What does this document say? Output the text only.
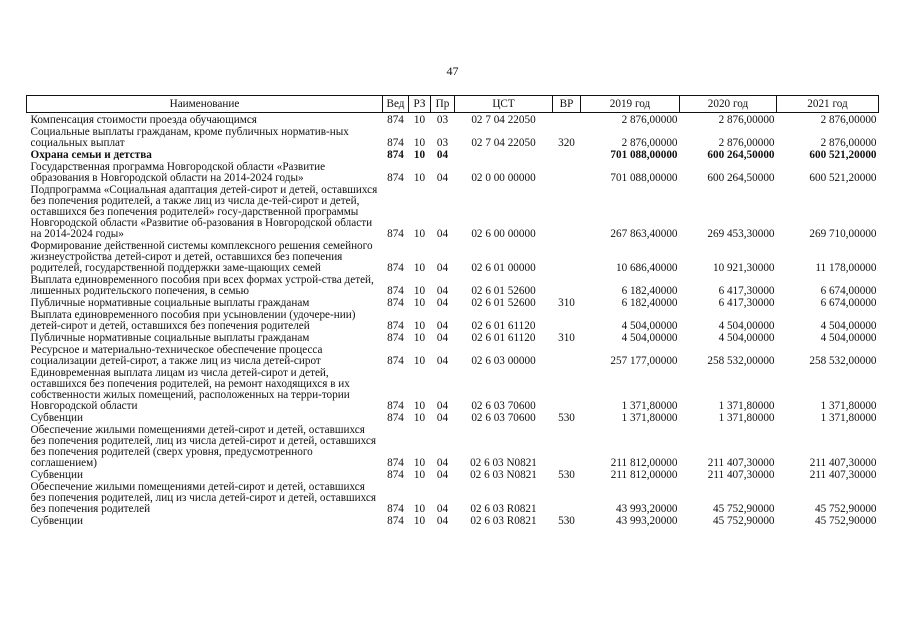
47
Наименование	Вед	РЗ	Пр	ЦСТ	ВР	2019 год	2020 год	2021 год
Компенсация стоимости проезда обучающимся	874	10	03	02 7 04 22050		2 876,00000	2 876,00000	2 876,00000
Социальные выплаты гражданам, кроме публичных норматив-ных социальных выплат	874	10	03	02 7 04 22050	320	2 876,00000	2 876,00000	2 876,00000
Охрана семьи и детства	874	10	04			701 088,00000	600 264,50000	600 521,20000
Государственная программа Новгородской области «Развитие образования в Новгородской области на 2014-2024 годы»	874	10	04	02 0 00 00000		701 088,00000	600 264,50000	600 521,20000
Подпрограмма «Социальная адаптация детей-сирот и детей, оставшихся без попечения родителей, а также лиц из числа де-тей-сирот и детей, оставшихся без попечения родителей» госу-дарственной программы Новгородской области «Развитие об-разования в Новгородской области на 2014-2024 годы»	874	10	04	02 6 00 00000		267 863,40000	269 453,30000	269 710,00000
Формирование действенной системы комплексного решения семейного жизнеустройства детей-сирот и детей, оставшихся без попечения родителей, государственной поддержки заме-щающих семей	874	10	04	02 6 01 00000		10 686,40000	10 921,30000	11 178,00000
Выплата единовременного пособия при всех формах устрой-ства детей, лишенных родительского попечения, в семью	874	10	04	02 6 01 52600		6 182,40000	6 417,30000	6 674,00000
Публичные нормативные социальные выплаты гражданам	874	10	04	02 6 01 52600	310	6 182,40000	6 417,30000	6 674,00000
Выплата единовременного пособия при усыновлении (удочере-нии) детей-сирот и детей, оставшихся без попечения родителей	874	10	04	02 6 01 61120		4 504,00000	4 504,00000	4 504,00000
Публичные нормативные социальные выплаты гражданам	874	10	04	02 6 01 61120	310	4 504,00000	4 504,00000	4 504,00000
Ресурсное и материально-техническое обеспечение процесса социализации детей-сирот, а также лиц из числа детей-сирот	874	10	04	02 6 03 00000		257 177,00000	258 532,00000	258 532,00000
Единовременная выплата лицам из числа детей-сирот и детей, оставшихся без попечения родителей, на ремонт находящихся в их собственности жилых помещений, расположенных на терри-тории Новгородской области	874	10	04	02 6 03 70600		1 371,80000	1 371,80000	1 371,80000
Субвенции	874	10	04	02 6 03 70600	530	1 371,80000	1 371,80000	1 371,80000
Обеспечение жилыми помещениями детей-сирот и детей, оставшихся без попечения родителей, лиц из числа детей-сирот и детей, оставшихся без попечения родителей (сверх уровня, предусмотренного соглашением)	874	10	04	02 6 03 N0821		211 812,00000	211 407,30000	211 407,30000
Субвенции	874	10	04	02 6 03 N0821	530	211 812,00000	211 407,30000	211 407,30000
Обеспечение жилыми помещениями детей-сирот и детей, оставшихся без попечения родителей, лиц из числа детей-сирот и детей, оставшихся без попечения родителей	874	10	04	02 6 03 R0821		43 993,20000	45 752,90000	45 752,90000
Субвенции	874	10	04	02 6 03 R0821	530	43 993,20000	45 752,90000	45 752,90000
